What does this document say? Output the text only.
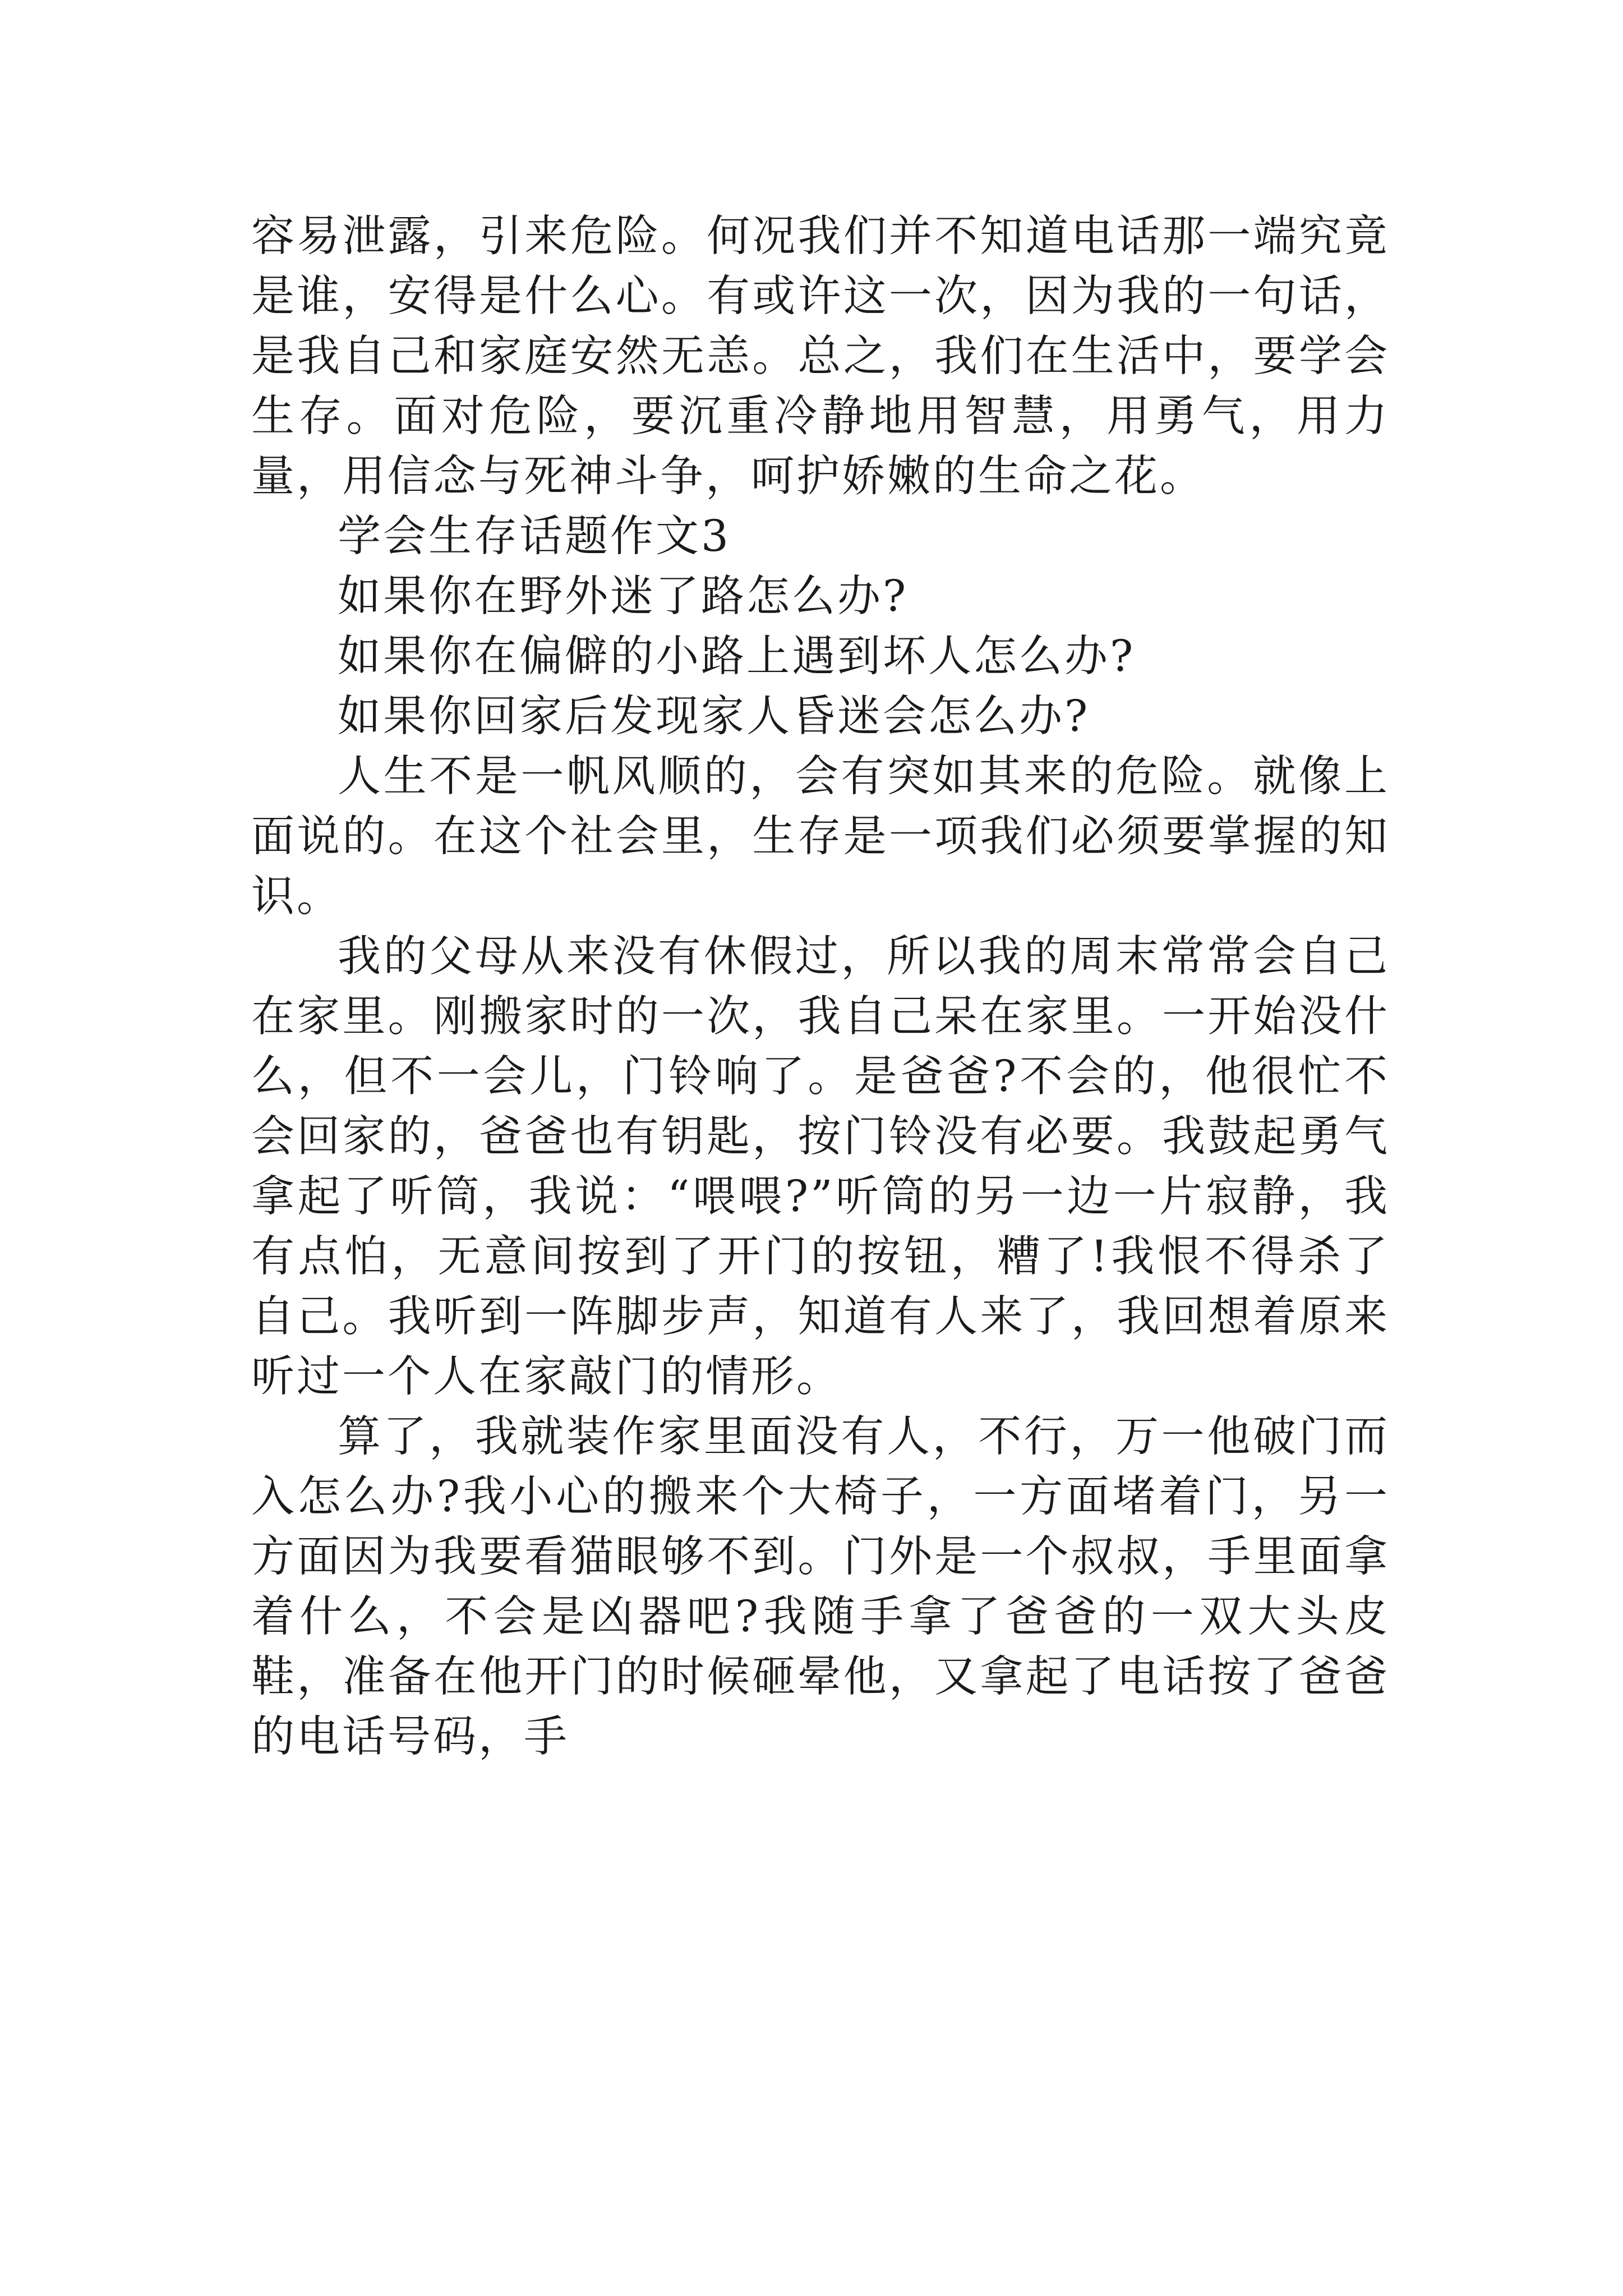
容易泄露，引来危险。何况我们并不知道电话那一端究竟是谁，安得是什么心。有或许这一次，因为我的一句话，是我自己和家庭安然无恙。总之，我们在生活中，要学会生存。面对危险，要沉重冷静地用智慧，用勇气，用力量，用信念与死神斗争，呵护娇嫩的生命之花。

学会生存话题作文3

如果你在野外迷了路怎么办?

如果你在偏僻的小路上遇到坏人怎么办?

如果你回家后发现家人昏迷会怎么办?

人生不是一帆风顺的，会有突如其来的危险。就像上面说的。在这个社会里，生存是一项我们必须要掌握的知识。

我的父母从来没有休假过，所以我的周末常常会自己在家里。刚搬家时的一次，我自己呆在家里。一开始没什么，但不一会儿，门铃响了。是爸爸?不会的，他很忙不会回家的，爸爸也有钥匙，按门铃没有必要。我鼓起勇气拿起了听筒，我说：“喂喂?”听筒的另一边一片寂静，我有点怕，无意间按到了开门的按钮，糟了!我恨不得杀了自己。我听到一阵脚步声，知道有人来了，我回想着原来听过一个人在家敲门的情形。

算了，我就装作家里面没有人，不行，万一他破门而入怎么办?我小心的搬来个大椅子，一方面堵着门，另一方面因为我要看猫眼够不到。门外是一个叔叔，手里面拿着什么，不会是凶器吧?我随手拿了爸爸的一双大头皮鞋，准备在他开门的时候砸晕他，又拿起了电话按了爸爸的电话号码，手
